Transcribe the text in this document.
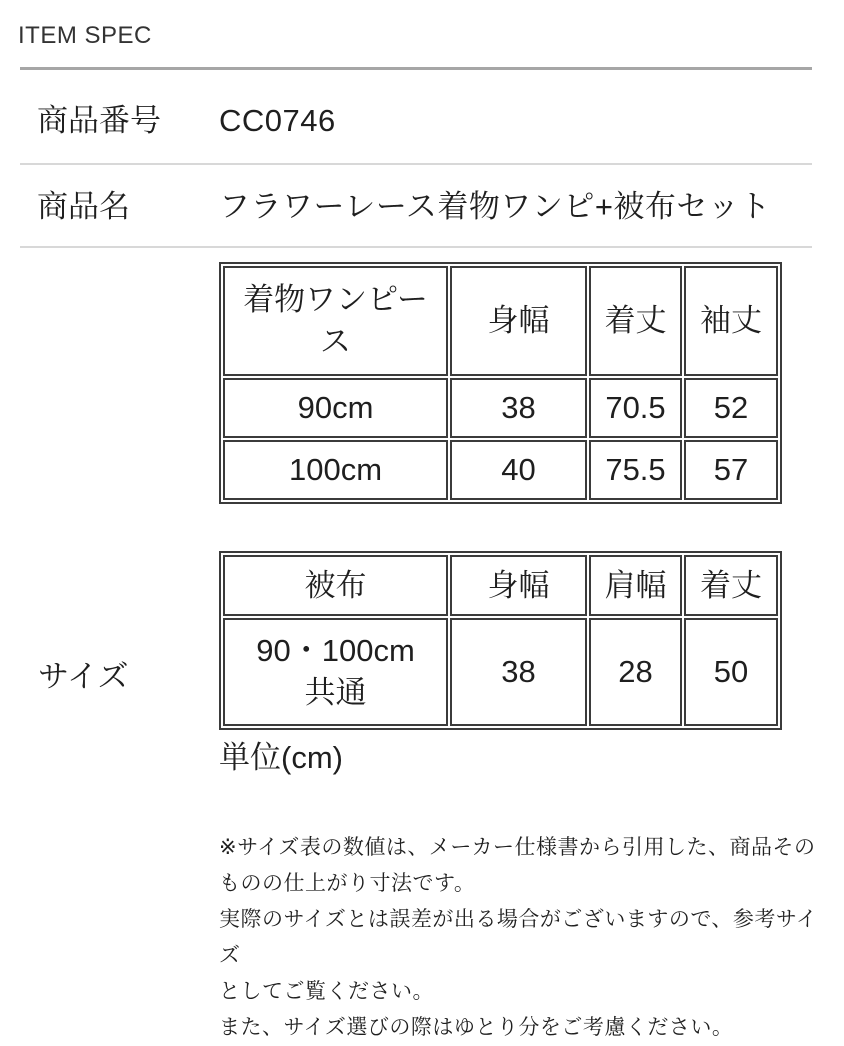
ITEM SPEC
商品番号	CC0746
商品名	フラワーレース着物ワンピ+被布セット
サイズ
着物ワンピース	身幅	着丈	袖丈
90cm	38	70.5	52
100cm	40	75.5	57
被布	身幅	肩幅	着丈
90・100cm共通	38	28	50
単位(cm)
※サイズ表の数値は、メーカー仕様書から引用した、商品その
ものの仕上がり寸法です。
実際のサイズとは誤差が出る場合がございますので、参考サイズ
としてご覧ください。
また、サイズ選びの際はゆとり分をご考慮ください。
